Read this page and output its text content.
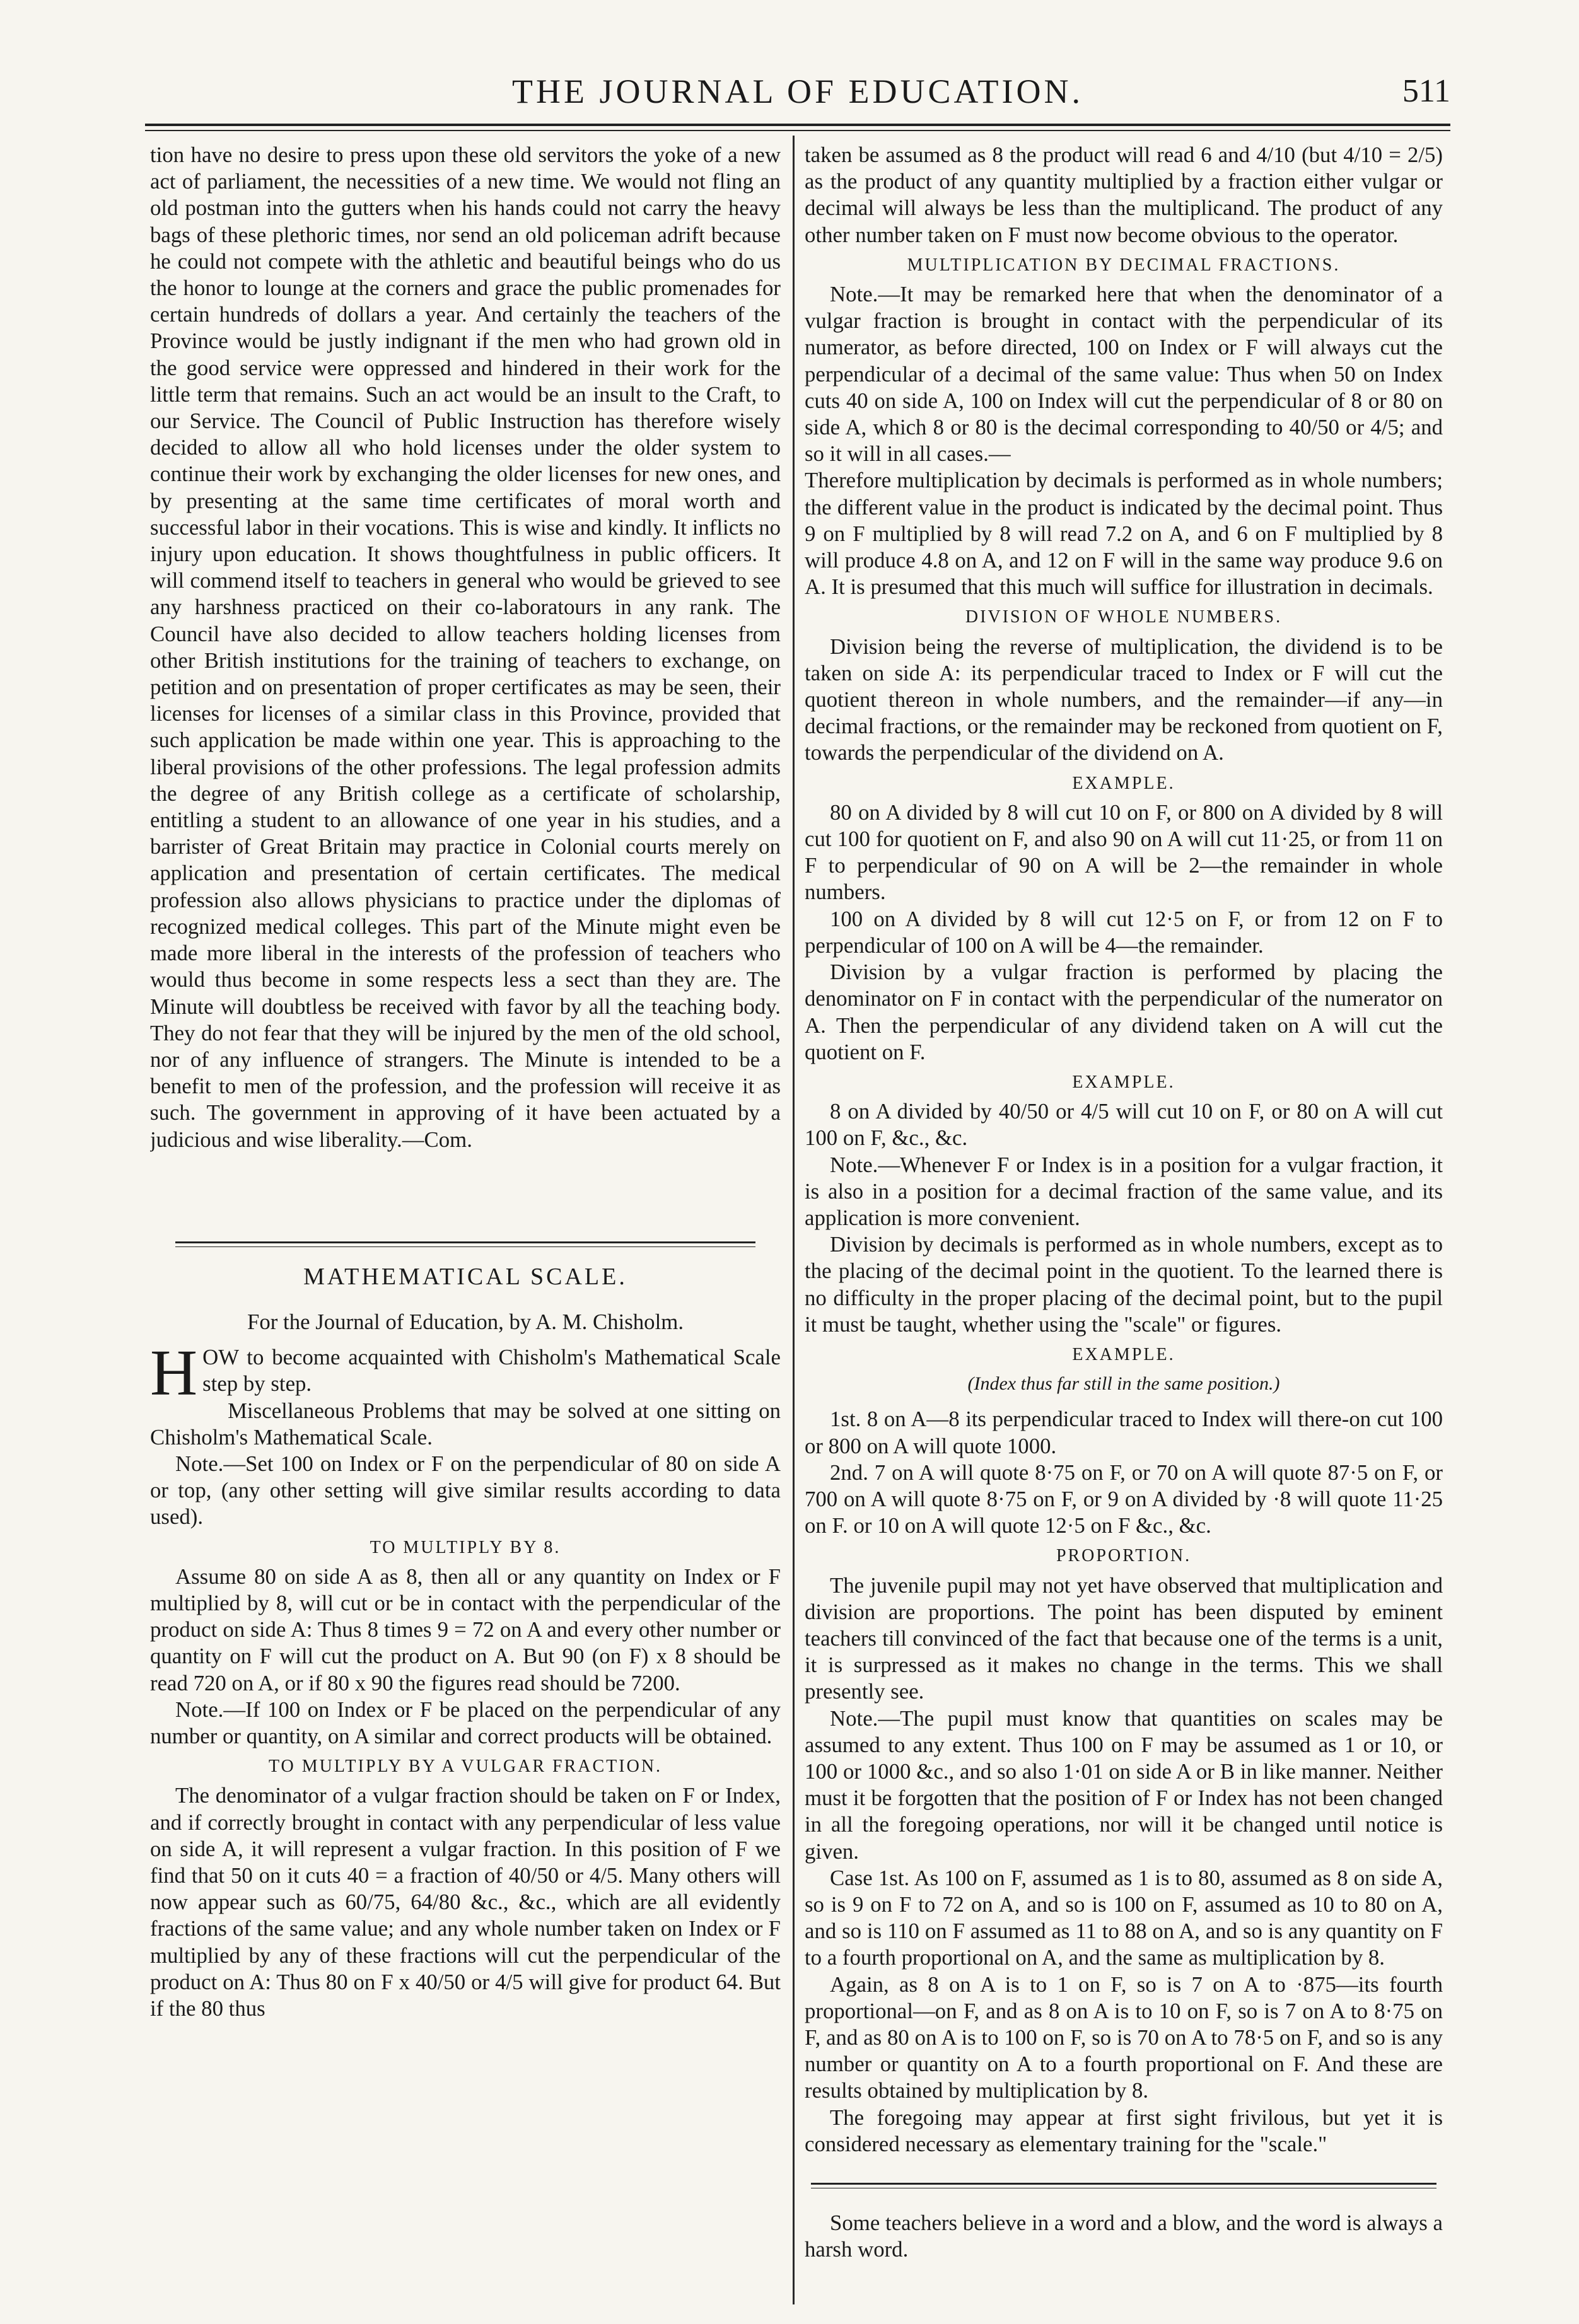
THE JOURNAL OF EDUCATION.	511

tion have no desire to press upon these old servitors the yoke of a new act of parliament, the necessities of a new time. We would not fling an old postman into the gutters when his hands could not carry the heavy bags of these plethoric times, nor send an old policeman adrift because he could not compete with the athletic and beautiful beings who do us the honor to lounge at the corners and grace the public promenades for certain hundreds of dollars a year. And certainly the teachers of the Province would be justly indignant if the men who had grown old in the good service were oppressed and hindered in their work for the little term that remains. Such an act would be an insult to the Craft, to our Service. The Council of Public Instruction has therefore wisely decided to allow all who hold licenses under the older system to continue their work by exchanging the older licenses for new ones, and by presenting at the same time certificates of moral worth and successful labor in their vocations. This is wise and kindly. It inflicts no injury upon education. It shows thoughtfulness in public officers. It will commend itself to teachers in general who would be grieved to see any harshness practiced on their co-laboratours in any rank. The Council have also decided to allow teachers holding licenses from other British institutions for the training of teachers to exchange, on petition and on presentation of proper certificates as may be seen, their licenses for licenses of a similar class in this Province, provided that such application be made within one year. This is approaching to the liberal provisions of the other professions. The legal profession admits the degree of any British college as a certificate of scholarship, entitling a student to an allowance of one year in his studies, and a barrister of Great Britain may practice in Colonial courts merely on application and presentation of certain certificates. The medical profession also allows physicians to practice under the diplomas of recognized medical colleges. This part of the Minute might even be made more liberal in the interests of the profession of teachers who would thus become in some respects less a sect than they are. The Minute will doubtless be received with favor by all the teaching body. They do not fear that they will be injured by the men of the old school, nor of any influence of strangers. The Minute is intended to be a benefit to men of the profession, and the profession will receive it as such. The government in approving of it have been actuated by a judicious and wise liberality.—Com.

MATHEMATICAL SCALE.

For the Journal of Education, by A. M. Chisholm.

HOW to become acquainted with Chisholm's Mathematical Scale step by step.

Miscellaneous Problems that may be solved at one sitting on Chisholm's Mathematical Scale.

Note.—Set 100 on Index or F on the perpendicular of 80 on side A or top, (any other setting will give similar results according to data used).

TO MULTIPLY BY 8.

Assume 80 on side A as 8, then all or any quantity on Index or F multiplied by 8, will cut or be in contact with the perpendicular of the product on side A: Thus 8 times 9 = 72 on A and every other number or quantity on F will cut the product on A. But 90 (on F) x 8 should be read 720 on A, or if 80 x 90 the figures read should be 7200.

Note.—If 100 on Index or F be placed on the perpendicular of any number or quantity, on A similar and correct products will be obtained.

TO MULTIPLY BY A VULGAR FRACTION.

The denominator of a vulgar fraction should be taken on F or Index, and if correctly brought in contact with any perpendicular of less value on side A, it will represent a vulgar fraction. In this position of F we find that 50 on it cuts 40 = a fraction of 40/50 or 4/5. Many others will now appear such as 60/75, 64/80 &c., &c., which are all evidently fractions of the same value; and any whole number taken on Index or F multiplied by any of these fractions will cut the perpendicular of the product on A: Thus 80 on F x 40/50 or 4/5 will give for product 64. But if the 80 thus

taken be assumed as 8 the product will read 6 and 4/10 (but 4/10 = 2/5) as the product of any quantity multiplied by a fraction either vulgar or decimal will always be less than the multiplicand. The product of any other number taken on F must now become obvious to the operator.

MULTIPLICATION BY DECIMAL FRACTIONS.

Note.—It may be remarked here that when the denominator of a vulgar fraction is brought in contact with the perpendicular of its numerator, as before directed, 100 on Index or F will always cut the perpendicular of a decimal of the same value: Thus when 50 on Index cuts 40 on side A, 100 on Index will cut the perpendicular of 8 or 80 on side A, which 8 or 80 is the decimal corresponding to 40/50 or 4/5; and so it will in all cases.—

Therefore multiplication by decimals is performed as in whole numbers; the different value in the product is indicated by the decimal point. Thus 9 on F multiplied by 8 will read 7.2 on A, and 6 on F multiplied by 8 will produce 4.8 on A, and 12 on F will in the same way produce 9.6 on A. It is presumed that this much will suffice for illustration in decimals.

DIVISION OF WHOLE NUMBERS.

Division being the reverse of multiplication, the dividend is to be taken on side A: its perpendicular traced to Index or F will cut the quotient thereon in whole numbers, and the remainder—if any—in decimal fractions, or the remainder may be reckoned from quotient on F, towards the perpendicular of the dividend on A.

EXAMPLE.

80 on A divided by 8 will cut 10 on F, or 800 on A divided by 8 will cut 100 for quotient on F, and also 90 on A will cut 11·25, or from 11 on F to perpendicular of 90 on A will be 2—the remainder in whole numbers.

100 on A divided by 8 will cut 12·5 on F, or from 12 on F to perpendicular of 100 on A will be 4—the remainder.

Division by a vulgar fraction is performed by placing the denominator on F in contact with the perpendicular of the numerator on A. Then the perpendicular of any dividend taken on A will cut the quotient on F.

EXAMPLE.

8 on A divided by 40/50 or 4/5 will cut 10 on F, or 80 on A will cut 100 on F, &c., &c.

Note.—Whenever F or Index is in a position for a vulgar fraction, it is also in a position for a decimal fraction of the same value, and its application is more convenient.

Division by decimals is performed as in whole numbers, except as to the placing of the decimal point in the quotient. To the learned there is no difficulty in the proper placing of the decimal point, but to the pupil it must be taught, whether using the "scale" or figures.

EXAMPLE.

(Index thus far still in the same position.)

1st. 8 on A—8 its perpendicular traced to Index will there-on cut 100 or 800 on A will quote 1000.

2nd. 7 on A will quote 8·75 on F, or 70 on A will quote 87·5 on F, or 700 on A will quote 8·75 on F, or 9 on A divided by ·8 will quote 11·25 on F. or 10 on A will quote 12·5 on F &c., &c.

PROPORTION.

The juvenile pupil may not yet have observed that multiplication and division are proportions. The point has been disputed by eminent teachers till convinced of the fact that because one of the terms is a unit, it is surpressed as it makes no change in the terms. This we shall presently see.

Note.—The pupil must know that quantities on scales may be assumed to any extent. Thus 100 on F may be assumed as 1 or 10, or 100 or 1000 &c., and so also 1·01 on side A or B in like manner. Neither must it be forgotten that the position of F or Index has not been changed in all the foregoing operations, nor will it be changed until notice is given.

Case 1st. As 100 on F, assumed as 1 is to 80, assumed as 8 on side A, so is 9 on F to 72 on A, and so is 100 on F, assumed as 10 to 80 on A, and so is 110 on F assumed as 11 to 88 on A, and so is any quantity on F to a fourth proportional on A, and the same as multiplication by 8.

Again, as 8 on A is to 1 on F, so is 7 on A to ·875—its fourth proportional—on F, and as 8 on A is to 10 on F, so is 7 on A to 8·75 on F, and as 80 on A is to 100 on F, so is 70 on A to 78·5 on F, and so is any number or quantity on A to a fourth proportional on F. And these are results obtained by multiplication by 8.

The foregoing may appear at first sight frivilous, but yet it is considered necessary as elementary training for the "scale."

Some teachers believe in a word and a blow, and the word is always a harsh word.
